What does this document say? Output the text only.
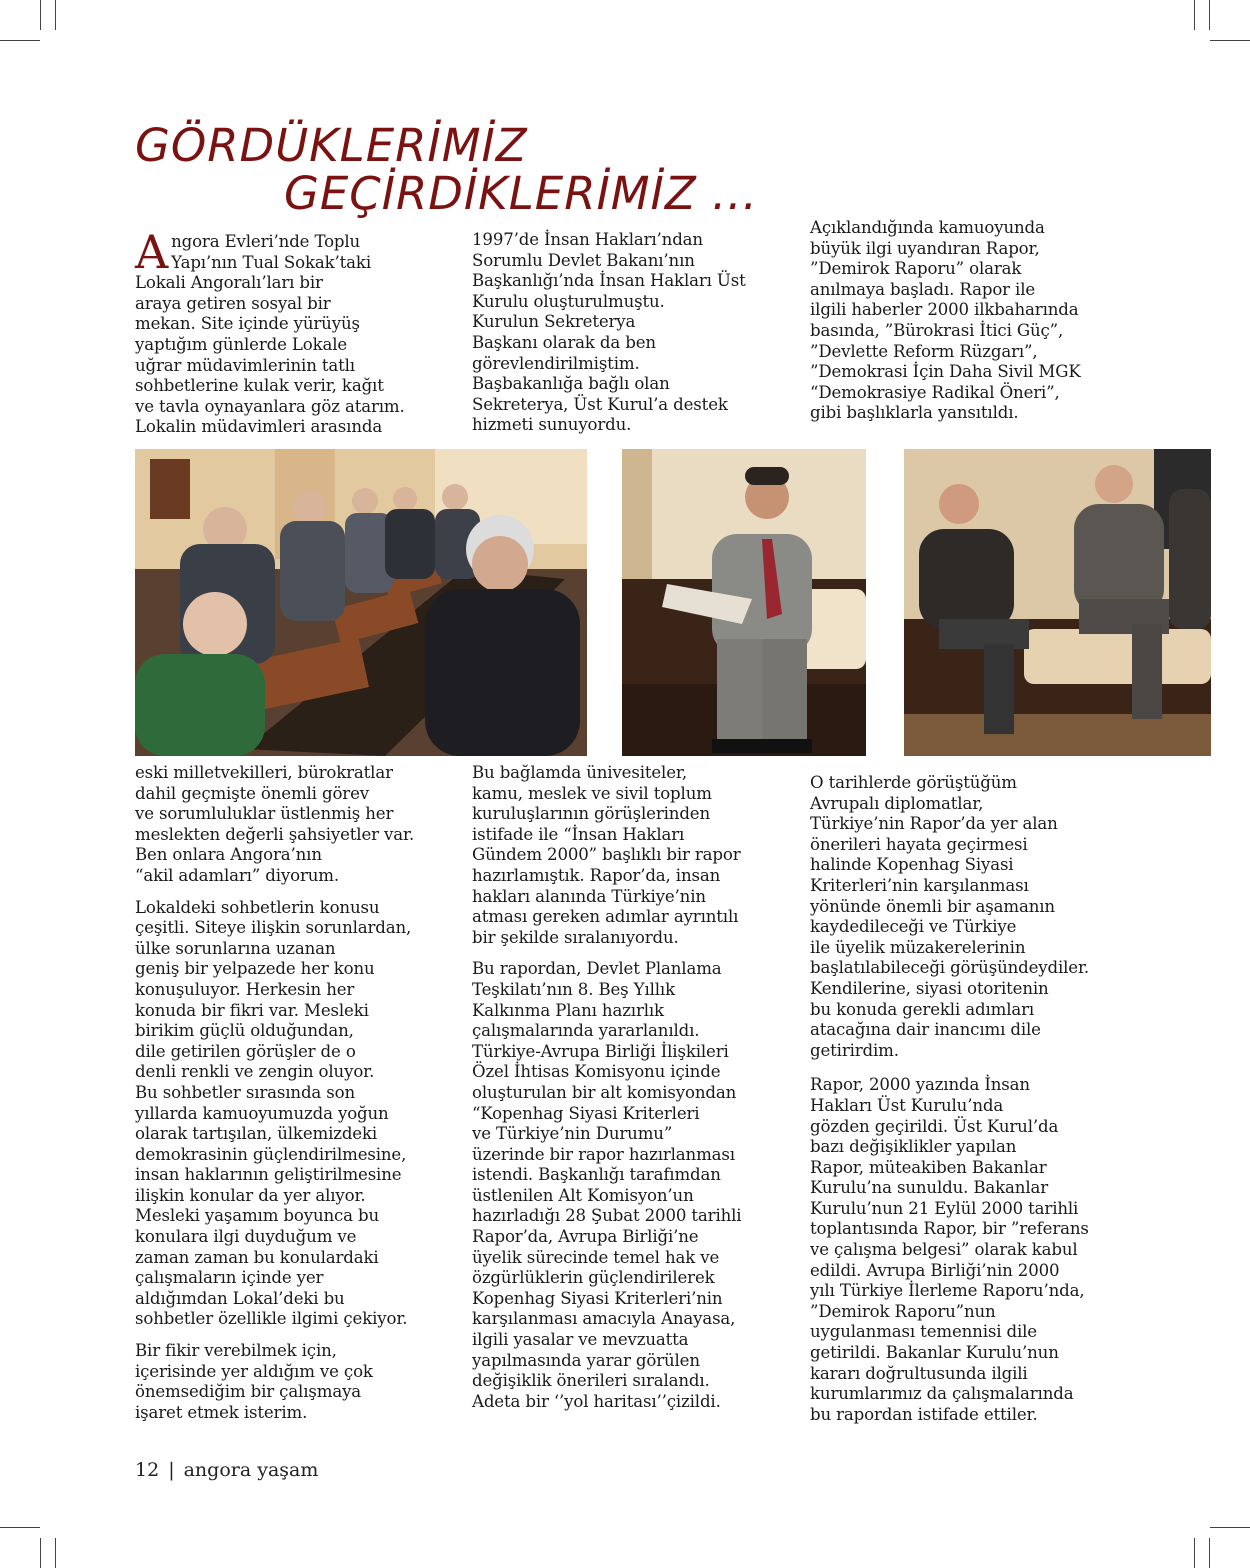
GÖRDÜKLERİMİZ
GEÇİRDİKLERİMİZ ...

Angora Evleri’nde Toplu
Yapı’nın Tual Sokak’taki
Lokali Angoralı’ları bir
araya getiren sosyal bir
mekan. Site içinde yürüyüş
yaptığım günlerde Lokale
uğrar müdavimlerinin tatlı
sohbetlerine kulak verir, kağıt
ve tavla oynayanlara göz atarım.
Lokalin müdavimleri arasında

1997’de İnsan Hakları’ndan
Sorumlu Devlet Bakanı’nın
Başkanlığı’nda İnsan Hakları Üst
Kurulu oluşturulmuştu.
Kurulun Sekreterya
Başkanı olarak da ben
görevlendirilmiştim.
Başbakanlığa bağlı olan
Sekreterya, Üst Kurul’a destek
hizmeti sunuyordu.

Açıklandığında kamuoyunda
büyük ilgi uyandıran Rapor,
”Demirok Raporu” olarak
anılmaya başladı. Rapor ile
ilgili haberler 2000 ilkbaharında
basında, ”Bürokrasi İtici Güç”,
”Devlette Reform Rüzgarı”,
”Demokrasi İçin Daha Sivil MGK
“Demokrasiye Radikal Öneri”,
gibi başlıklarla yansıtıldı.

eski milletvekilleri, bürokratlar
dahil geçmişte önemli görev
ve sorumluluklar üstlenmiş her
meslekten değerli şahsiyetler var.
Ben onlara Angora’nın
“akil adamları” diyorum.

Lokaldeki sohbetlerin konusu
çeşitli. Siteye ilişkin sorunlardan,
ülke sorunlarına uzanan
geniş bir yelpazede her konu
konuşuluyor. Herkesin her
konuda bir fikri var. Mesleki
birikim güçlü olduğundan,
dile getirilen görüşler de o
denli renkli ve zengin oluyor.
Bu sohbetler sırasında son
yıllarda kamuoyumuzda yoğun
olarak tartışılan, ülkemizdeki
demokrasinin güçlendirilmesine,
insan haklarının geliştirilmesine
ilişkin konular da yer alıyor.
Mesleki yaşamım boyunca bu
konulara ilgi duyduğum ve
zaman zaman bu konulardaki
çalışmaların içinde yer
aldığımdan Lokal’deki bu
sohbetler özellikle ilgimi çekiyor.

Bir fikir verebilmek için,
içerisinde yer aldığım ve çok
önemsediğim bir çalışmaya
işaret etmek isterim.

Bu bağlamda ünivesiteler,
kamu, meslek ve sivil toplum
kuruluşlarının görüşlerinden
istifade ile “İnsan Hakları
Gündem 2000” başlıklı bir rapor
hazırlamıştık. Rapor’da, insan
hakları alanında Türkiye’nin
atması gereken adımlar ayrıntılı
bir şekilde sıralanıyordu.

Bu rapordan, Devlet Planlama
Teşkilatı’nın 8. Beş Yıllık
Kalkınma Planı hazırlık
çalışmalarında yararlanıldı.
Türkiye-Avrupa Birliği İlişkileri
Özel İhtisas Komisyonu içinde
oluşturulan bir alt komisyondan
“Kopenhag Siyasi Kriterleri
ve Türkiye’nin Durumu”
üzerinde bir rapor hazırlanması
istendi. Başkanlığı tarafımdan
üstlenilen Alt Komisyon’un
hazırladığı 28 Şubat 2000 tarihli
Rapor’da, Avrupa Birliği’ne
üyelik sürecinde temel hak ve
özgürlüklerin güçlendirilerek
Kopenhag Siyasi Kriterleri’nin
karşılanması amacıyla Anayasa,
ilgili yasalar ve mevzuatta
yapılmasında yarar görülen
değişiklik önerileri sıralandı.
Adeta bir ‘’yol haritası’’çizildi.

O tarihlerde görüştüğüm
Avrupalı diplomatlar,
Türkiye’nin Rapor’da yer alan
önerileri hayata geçirmesi
halinde Kopenhag Siyasi
Kriterleri’nin karşılanması
yönünde önemli bir aşamanın
kaydedileceği ve Türkiye
ile üyelik müzakerelerinin
başlatılabileceği görüşündeydiler.
Kendilerine, siyasi otoritenin
bu konuda gerekli adımları
atacağına dair inancımı dile
getirirdim.

Rapor, 2000 yazında İnsan
Hakları Üst Kurulu’nda
gözden geçirildi. Üst Kurul’da
bazı değişiklikler yapılan
Rapor, müteakiben Bakanlar
Kurulu’na sunuldu. Bakanlar
Kurulu’nun 21 Eylül 2000 tarihli
toplantısında Rapor, bir ”referans
ve çalışma belgesi” olarak kabul
edildi. Avrupa Birliği’nin 2000
yılı Türkiye İlerleme Raporu’nda,
”Demirok Raporu”nun
uygulanması temennisi dile
getirildi. Bakanlar Kurulu’nun
kararı doğrultusunda ilgili
kurumlarımız da çalışmalarında
bu rapordan istifade ettiler.

12 | angora yaşam
